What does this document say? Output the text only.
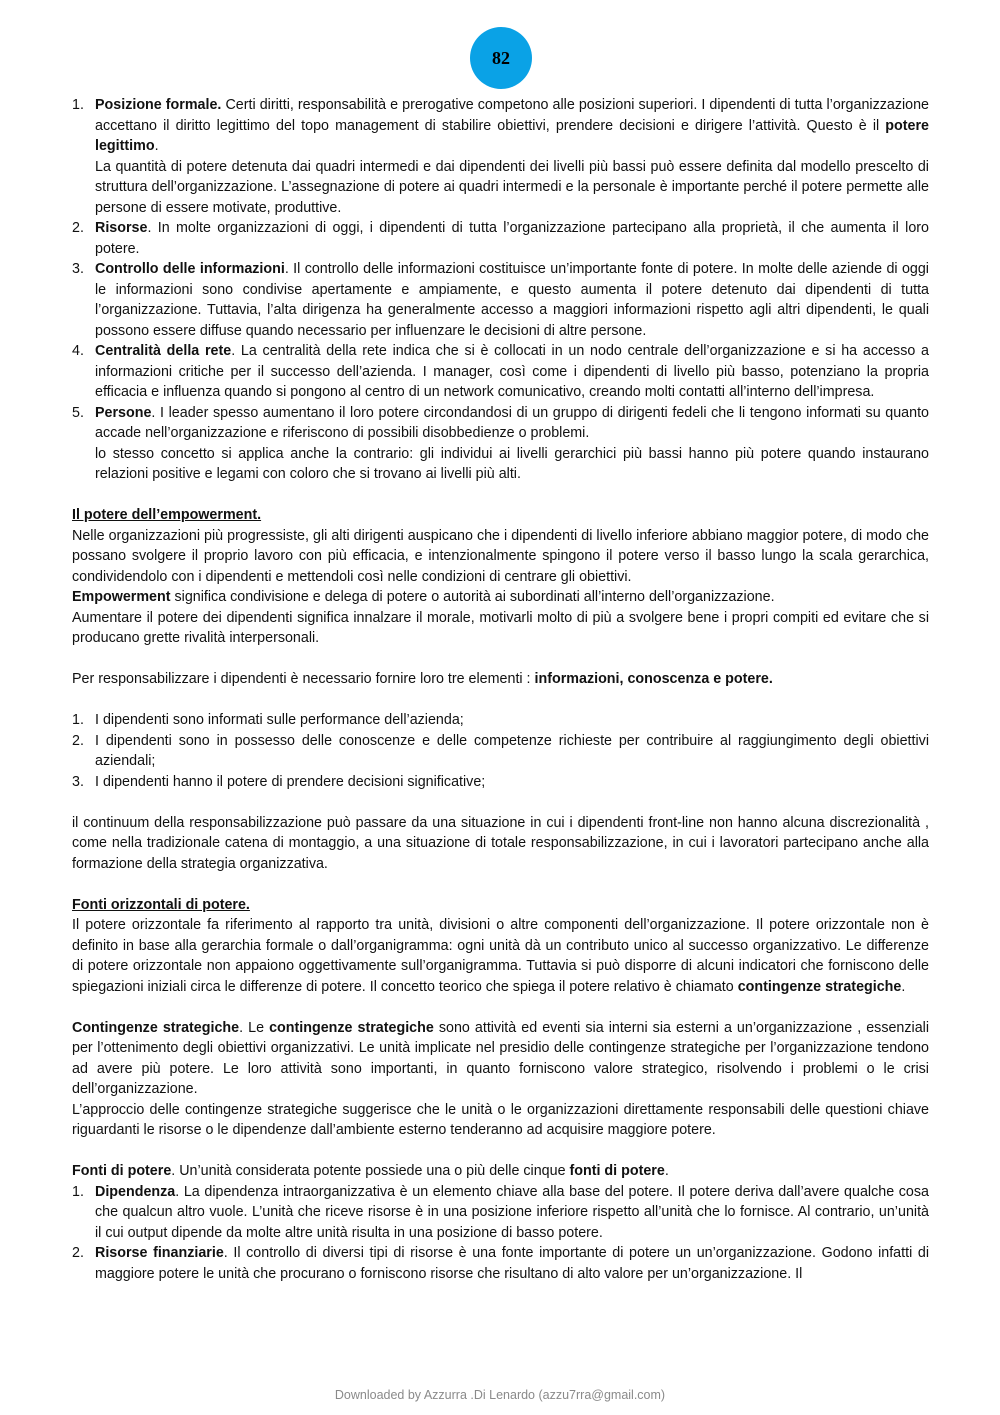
82
1. Posizione formale. Certi diritti, responsabilità e prerogative competono alle posizioni superiori. I dipendenti di tutta l’organizzazione accettano il diritto legittimo del topo management di stabilire obiettivi, prendere decisioni e dirigere l’attività. Questo è il potere legittimo.

La quantità di potere detenuta dai quadri intermedi e dai dipendenti dei livelli più bassi può essere definita dal modello prescelto di struttura dell’organizzazione. L’assegnazione di potere ai quadri intermedi e la personale è importante perché il potere permette alle persone di essere motivate, produttive.

2. Risorse. In molte organizzazioni di oggi, i dipendenti di tutta l’organizzazione partecipano alla proprietà, il che aumenta il loro potere.
3. Controllo delle informazioni. Il controllo delle informazioni costituisce un’importante fonte di potere. In molte delle aziende di oggi le informazioni sono condivise apertamente e ampiamente, e questo aumenta il potere detenuto dai dipendenti di tutta l’organizzazione. Tuttavia, l’alta dirigenza ha generalmente accesso a maggiori informazioni rispetto agli altri dipendenti, le quali possono essere diffuse quando necessario per influenzare le decisioni di altre persone.
4. Centralità della rete. La centralità della rete indica che si è collocati in un nodo centrale dell’organizzazione e si ha accesso a informazioni critiche per il successo dell’azienda. I manager, così come i dipendenti di livello più basso, potenziano la propria efficacia e influenza quando si pongono al centro di un network comunicativo, creando molti contatti all’interno dell’impresa.
5. Persone. I leader spesso aumentano il loro potere circondandosi di un gruppo di dirigenti fedeli che li tengono informati su quanto accade nell’organizzazione e riferiscono di possibili disobbedienze o problemi.

lo stesso concetto si applica anche la contrario: gli individui ai livelli gerarchici più bassi hanno più potere quando instaurano relazioni positive e legami con coloro che si trovano ai livelli più alti.

Il potere dell’empowerment.

Nelle organizzazioni più progressiste, gli alti dirigenti auspicano che i dipendenti di livello inferiore abbiano maggior potere, di modo che possano svolgere il proprio lavoro con più efficacia, e intenzionalmente spingono il potere verso il basso lungo la scala gerarchica, condividendolo con i dipendenti e mettendoli così nelle condizioni di centrare gli obiettivi.

Empowerment significa condivisione e delega di potere o autorità ai subordinati all’interno dell’organizzazione.

Aumentare il potere dei dipendenti significa innalzare il morale, motivarli molto di più a svolgere bene i propri compiti ed evitare che si producano grette rivalità interpersonali.

Per responsabilizzare i dipendenti è necessario fornire loro tre elementi : informazioni, conoscenza e potere.

1. I dipendenti sono informati sulle performance dell’azienda;
2. I dipendenti sono in possesso delle conoscenze e delle competenze richieste per contribuire al raggiungimento degli obiettivi aziendali;
3. I dipendenti hanno il potere di prendere decisioni significative;

il continuum della responsabilizzazione può passare da una situazione in cui i dipendenti front-line non hanno alcuna discrezionalità , come nella tradizionale catena di montaggio, a una situazione di totale responsabilizzazione, in cui i lavoratori partecipano anche alla formazione della strategia organizzativa.

Fonti orizzontali di potere.

Il potere orizzontale fa riferimento al rapporto tra unità, divisioni o altre componenti dell’organizzazione. Il potere orizzontale non è definito in base alla gerarchia formale o dall’organigramma: ogni unità dà un contributo unico al successo organizzativo. Le differenze di potere orizzontale non appaiono oggettivamente sull’organigramma. Tuttavia si può disporre di alcuni indicatori che forniscono delle spiegazioni iniziali circa le differenze di potere. Il concetto teorico che spiega il potere relativo è chiamato contingenze strategiche.

Contingenze strategiche. Le contingenze strategiche sono attività ed eventi sia interni sia esterni a un’organizzazione , essenziali per l’ottenimento degli obiettivi organizzativi. Le unità implicate nel presidio delle contingenze strategiche per l’organizzazione tendono ad avere più potere. Le loro attività sono importanti, in quanto forniscono valore strategico, risolvendo i problemi o le crisi dell’organizzazione.

L’approccio delle contingenze strategiche suggerisce che le unità o le organizzazioni direttamente responsabili delle questioni chiave riguardanti le risorse o le dipendenze dall’ambiente esterno tenderanno ad acquisire maggiore potere.

Fonti di potere. Un’unità considerata potente possiede una o più delle cinque fonti di potere.

1. Dipendenza. La dipendenza intraorganizzativa è un elemento chiave alla base del potere. Il potere deriva dall’avere qualche cosa che qualcun altro vuole. L’unità che riceve risorse è in una posizione inferiore rispetto all’unità che lo fornisce. Al contrario, un’unità il cui output dipende da molte altre unità risulta in una posizione di basso potere.
2. Risorse finanziarie. Il controllo di diversi tipi di risorse è una fonte importante di potere un un’organizzazione. Godono infatti di maggiore potere le unità che procurano o forniscono risorse che risultano di alto valore per un’organizzazione. Il
Downloaded by Azzurra .Di Lenardo (azzu7rra@gmail.com)
